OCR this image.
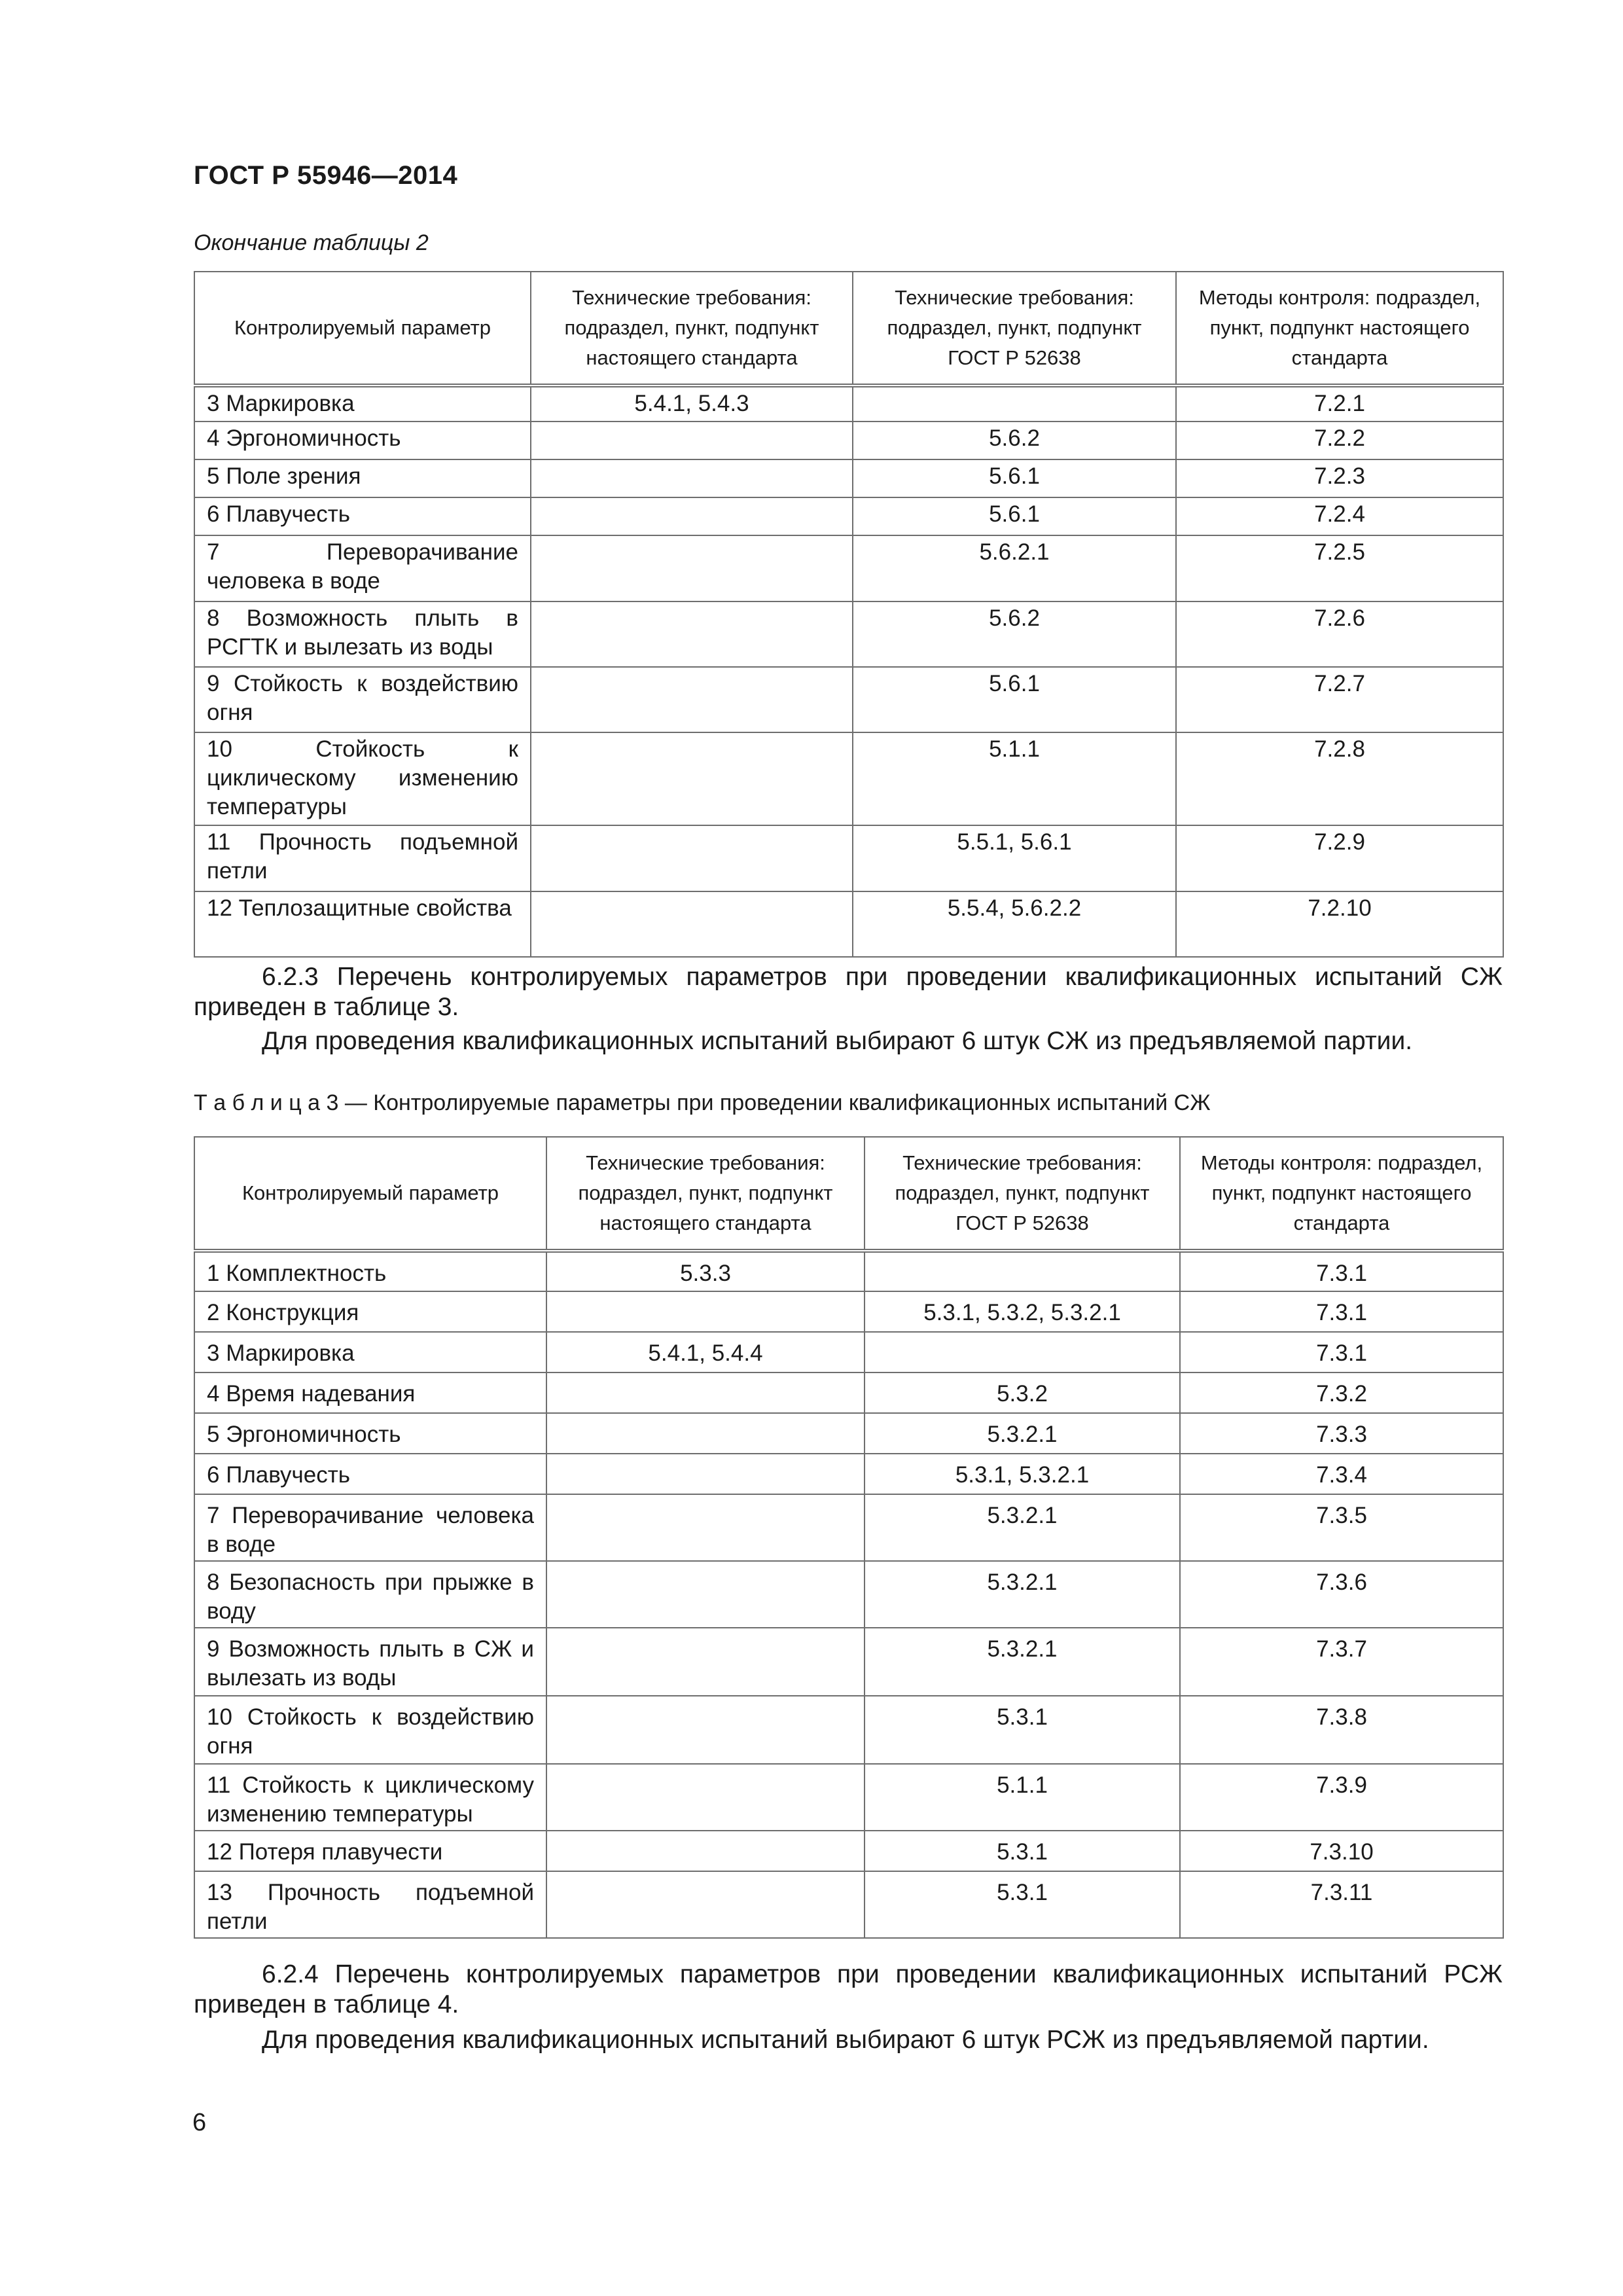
ГОСТ Р 55946—2014
Окончание таблицы 2
Контролируемый параметр	Технические требования: подраздел, пункт, подпункт настоящего стандарта	Технические требования: подраздел, пункт, подпункт ГОСТ Р 52638	Методы контроля: подраздел, пункт, подпункт настоящего стандарта
3 Маркировка	5.4.1, 5.4.3		7.2.1
4 Эргономичность		5.6.2	7.2.2
5 Поле зрения		5.6.1	7.2.3
6 Плавучесть		5.6.1	7.2.4
7 Переворачивание человека в воде		5.6.2.1	7.2.5
8 Возможность плыть в РСГТК и вылезать из воды		5.6.2	7.2.6
9 Стойкость к воздействию огня		5.6.1	7.2.7
10 Стойкость к циклическому изменению температуры		5.1.1	7.2.8
11 Прочность подъемной петли		5.5.1, 5.6.1	7.2.9
12 Теплозащитные свойства		5.5.4, 5.6.2.2	7.2.10
6.2.3 Перечень контролируемых параметров при проведении квалификационных испытаний СЖ приведен в таблице 3.
Для проведения квалификационных испытаний выбирают 6 штук СЖ из предъявляемой партии.
Т а б л и ц а 3 — Контролируемые параметры при проведении квалификационных испытаний СЖ
Контролируемый параметр	Технические требования: подраздел, пункт, подпункт настоящего стандарта	Технические требования: подраздел, пункт, подпункт ГОСТ Р 52638	Методы контроля: подраздел, пункт, подпункт настоящего стандарта
1 Комплектность	5.3.3		7.3.1
2 Конструкция		5.3.1, 5.3.2, 5.3.2.1	7.3.1
3 Маркировка	5.4.1, 5.4.4		7.3.1
4 Время надевания		5.3.2	7.3.2
5 Эргономичность		5.3.2.1	7.3.3
6 Плавучесть		5.3.1, 5.3.2.1	7.3.4
7 Переворачивание человека в воде		5.3.2.1	7.3.5
8 Безопасность при прыжке в воду		5.3.2.1	7.3.6
9 Возможность плыть в СЖ и вылезать из воды		5.3.2.1	7.3.7
10 Стойкость к воздействию огня		5.3.1	7.3.8
11 Стойкость к циклическому изменению температуры		5.1.1	7.3.9
12 Потеря плавучести		5.3.1	7.3.10
13 Прочность подъемной петли		5.3.1	7.3.11
6.2.4 Перечень контролируемых параметров при проведении квалификационных испытаний РСЖ приведен в таблице 4.
Для проведения квалификационных испытаний выбирают 6 штук РСЖ из предъявляемой партии.
6
